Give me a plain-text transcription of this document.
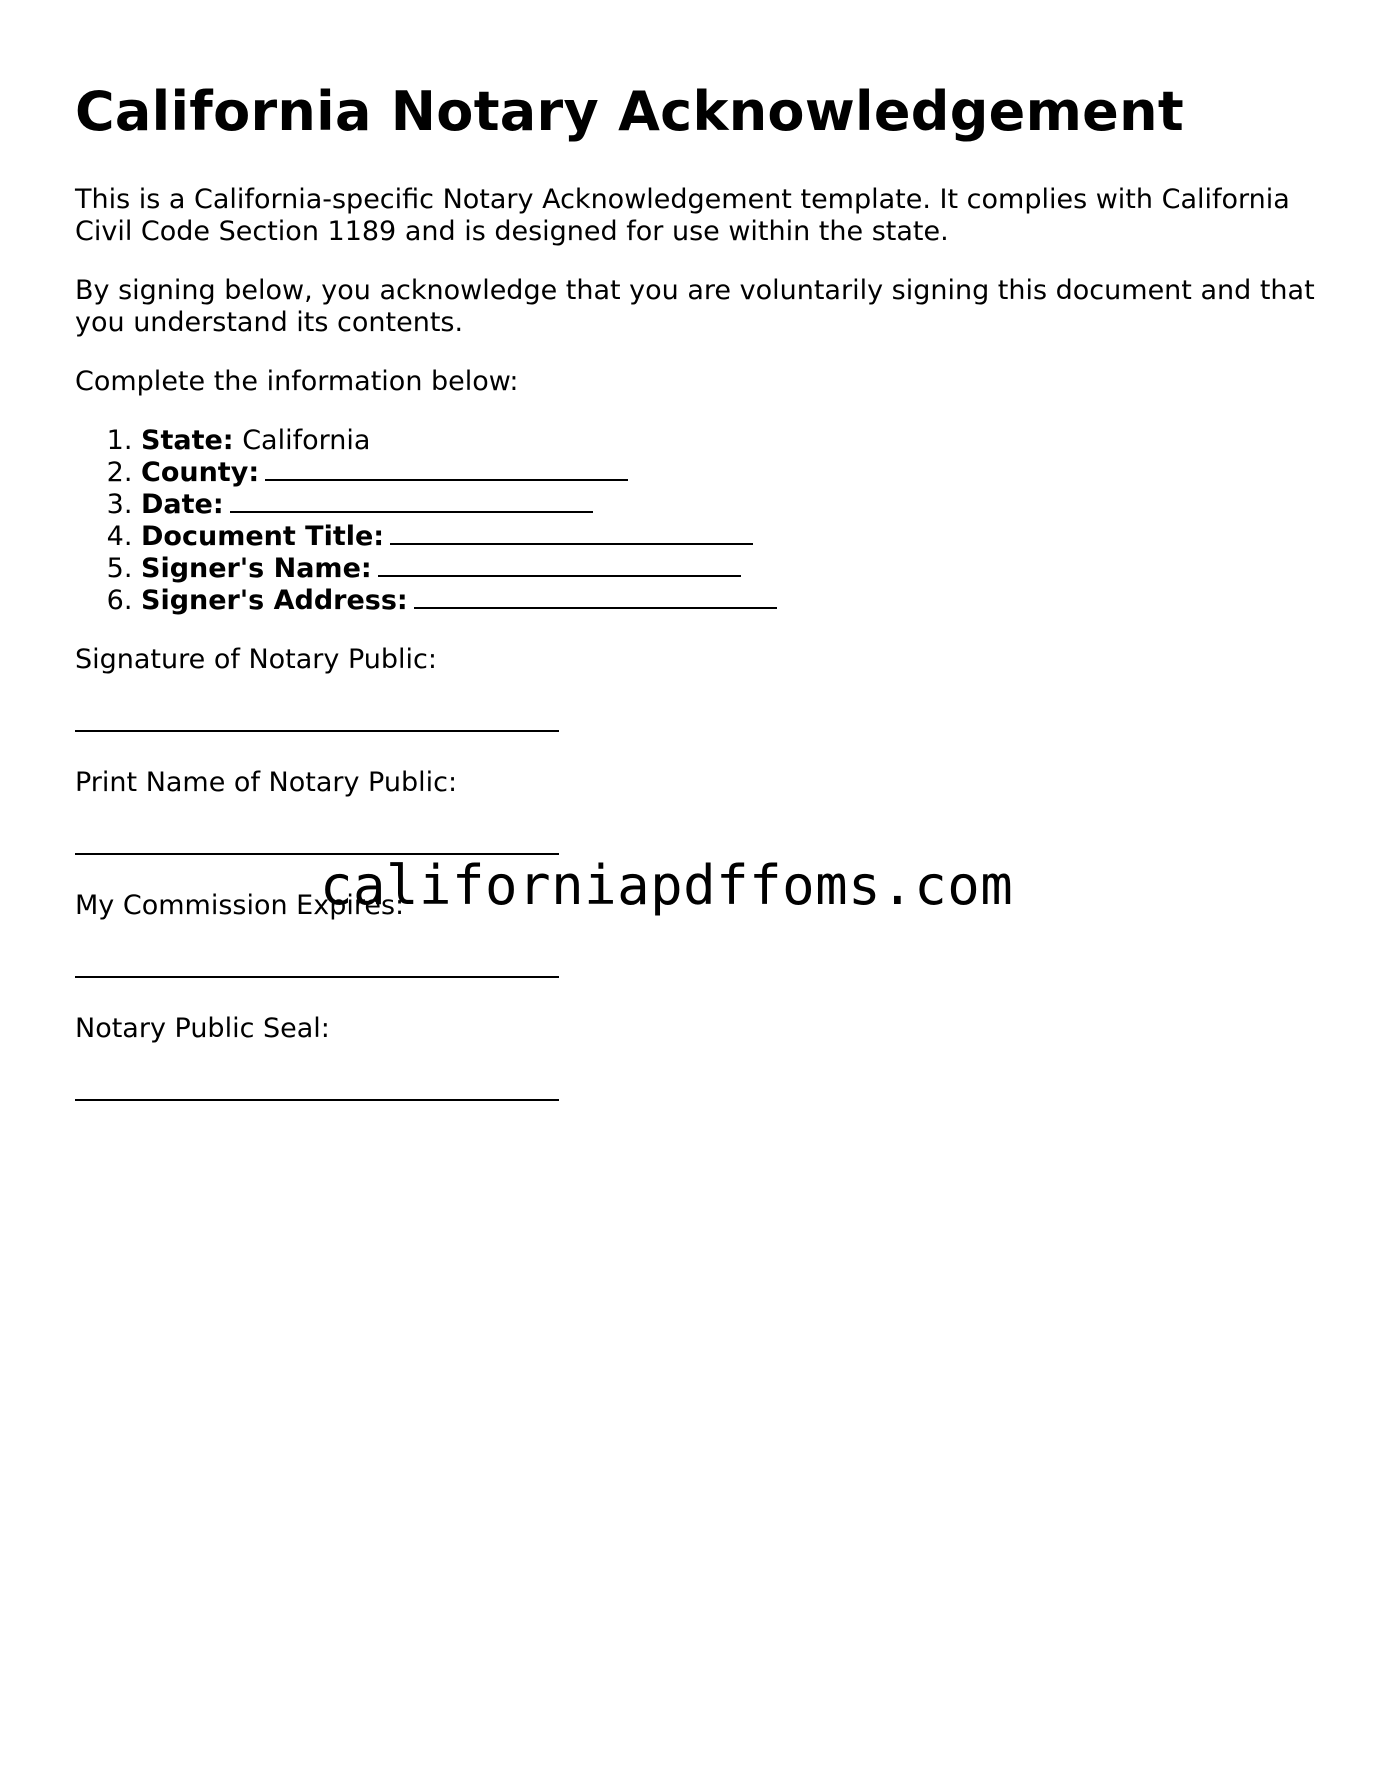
California Notary Acknowledgement

This is a California-specific Notary Acknowledgement template. It complies with California Civil Code Section 1189 and is designed for use within the state.

By signing below, you acknowledge that you are voluntarily signing this document and that you understand its contents.

Complete the information below:

1. State: California
2. County:
3. Date:
4. Document Title:
5. Signer's Name:
6. Signer's Address:
Signature of Notary Public:
Print Name of Notary Public:
My Commission Expires:
Notary Public Seal:
californiapdffoms.com
